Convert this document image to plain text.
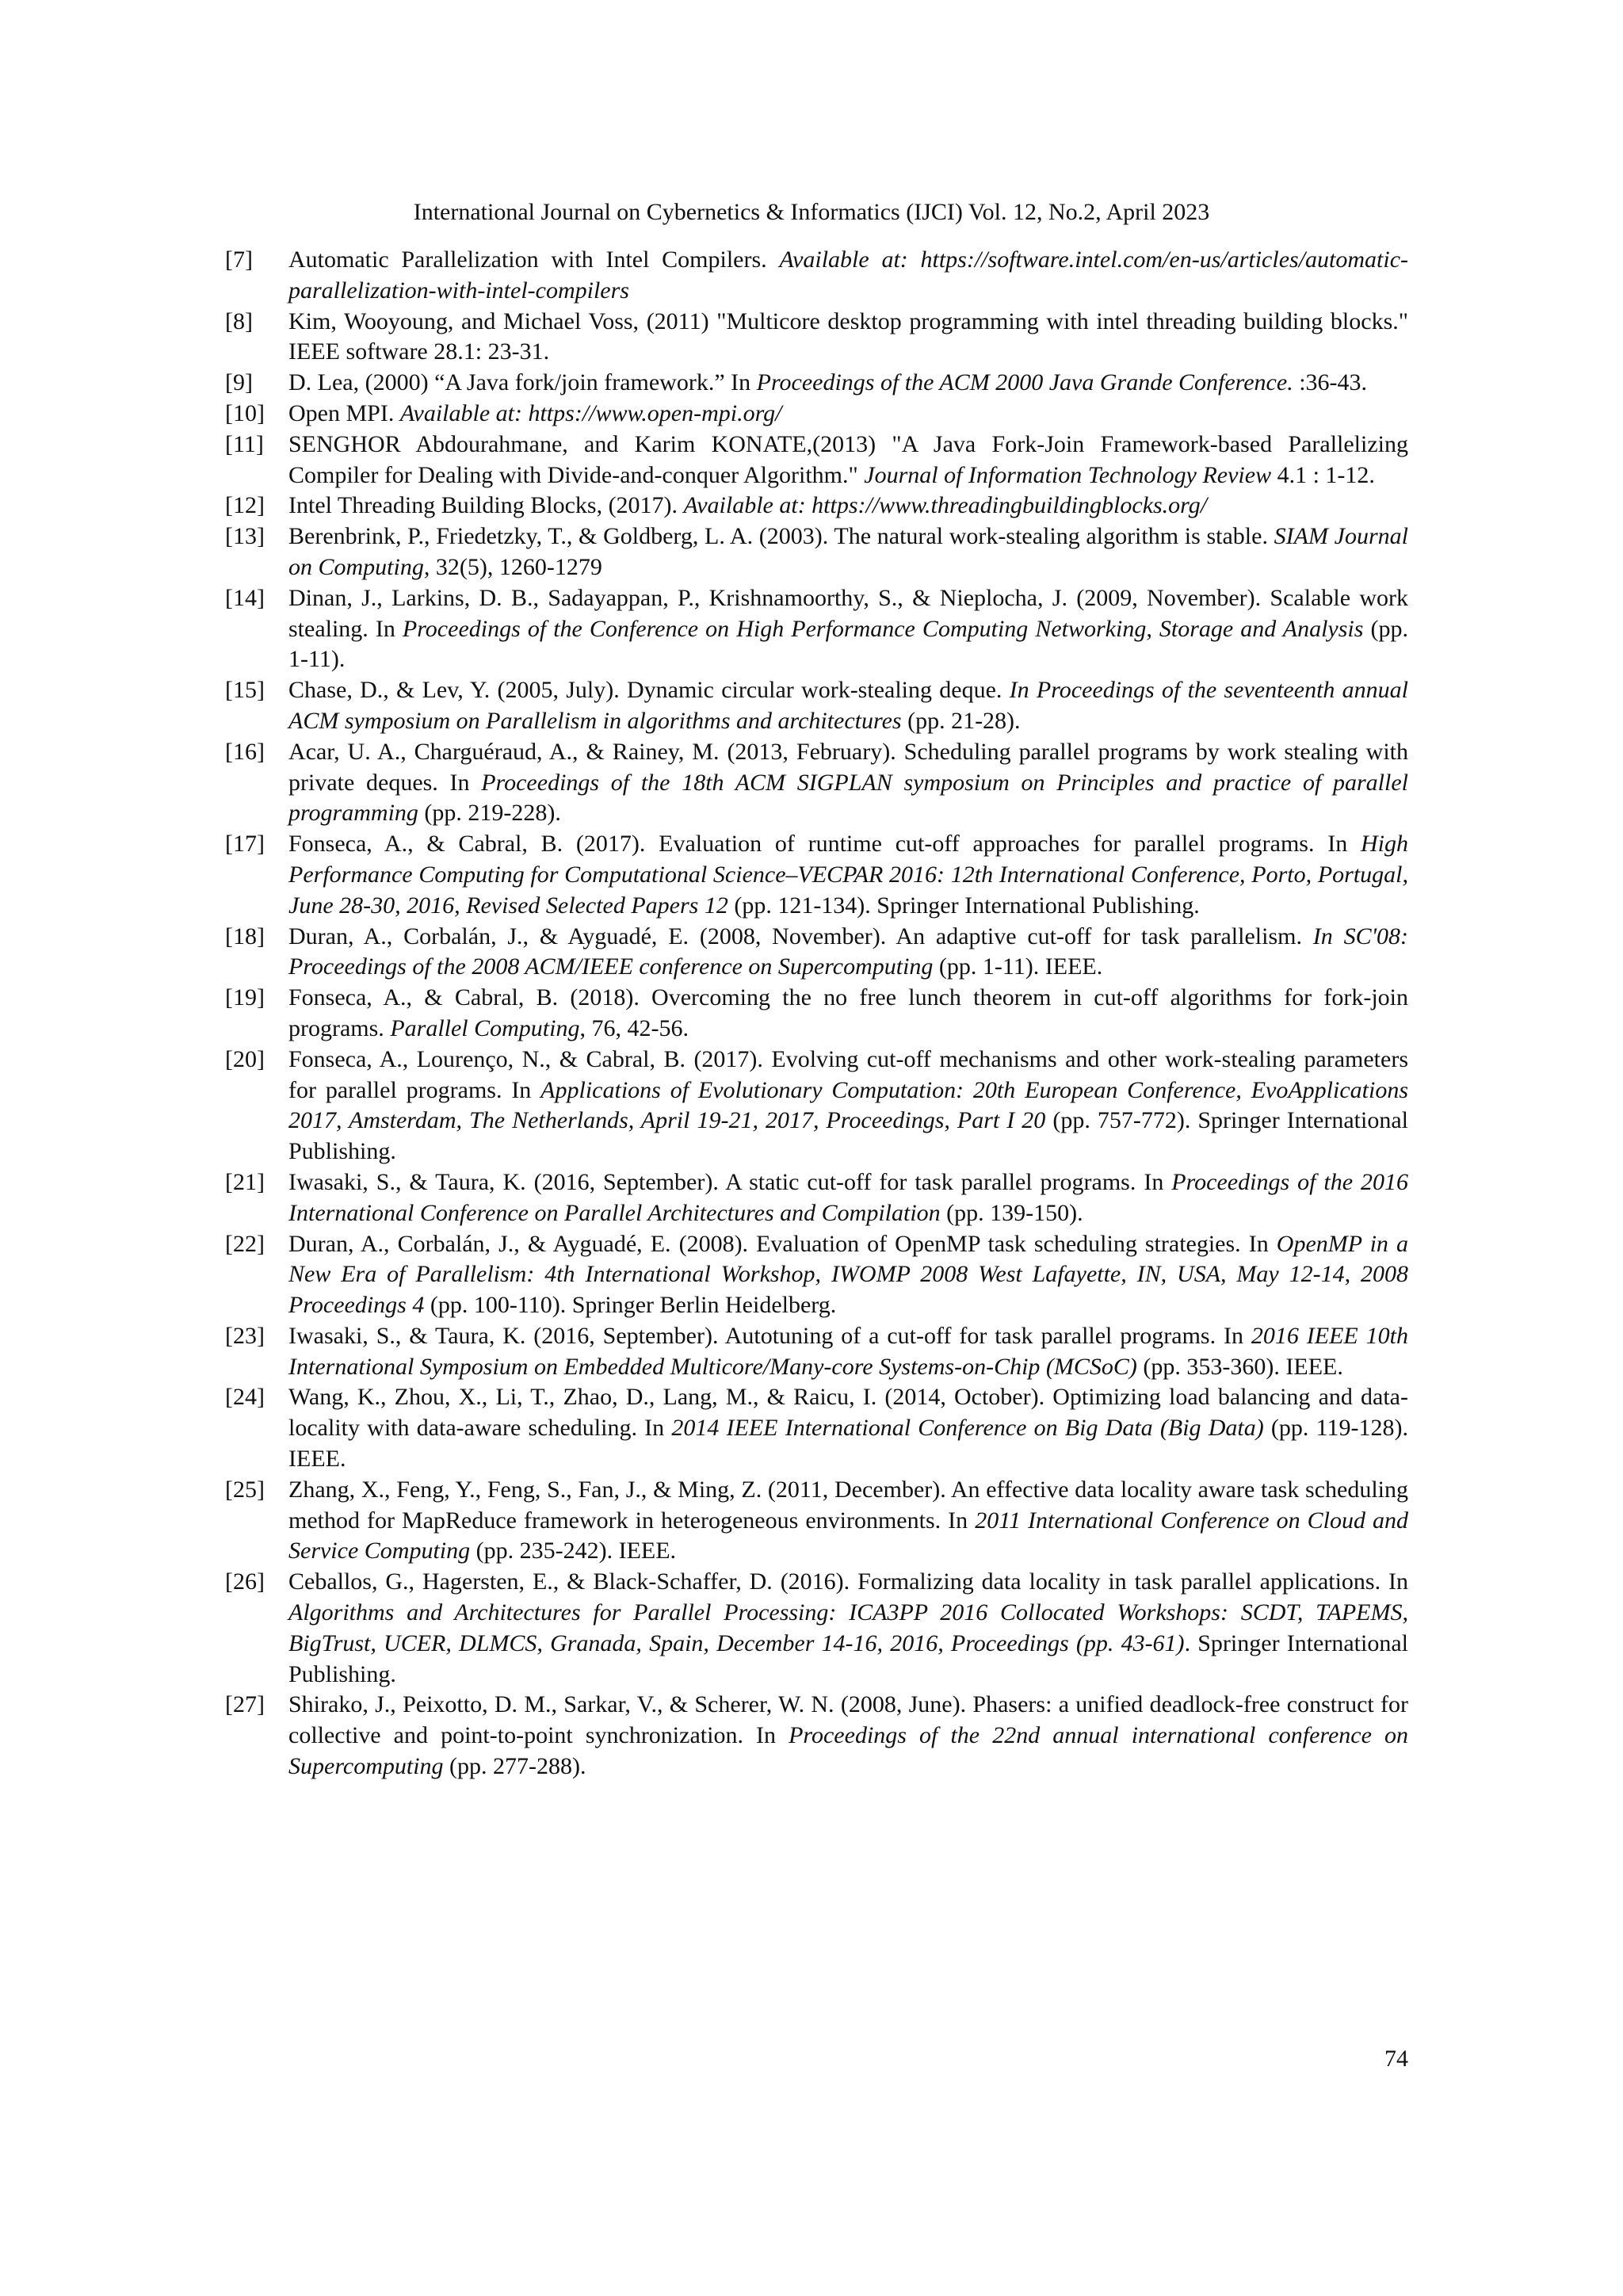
International Journal on Cybernetics & Informatics (IJCI) Vol. 12, No.2, April 2023
[7]	Automatic Parallelization with Intel Compilers. Available at: https://software.intel.com/en-us/articles/automatic-parallelization-with-intel-compilers
[8]	Kim, Wooyoung, and Michael Voss, (2011) "Multicore desktop programming with intel threading building blocks." IEEE software 28.1: 23-31.
[9]	D. Lea, (2000) “A Java fork/join framework.” In Proceedings of the ACM 2000 Java Grande Conference. :36-43.
[10]	Open MPI. Available at: https://www.open-mpi.org/
[11]	SENGHOR Abdourahmane, and Karim KONATE,(2013) "A Java Fork-Join Framework-based Parallelizing Compiler for Dealing with Divide-and-conquer Algorithm." Journal of Information Technology Review 4.1 : 1-12.
[12]	Intel Threading Building Blocks, (2017). Available at: https://www.threadingbuildingblocks.org/
[13]	Berenbrink, P., Friedetzky, T., & Goldberg, L. A. (2003). The natural work-stealing algorithm is stable. SIAM Journal on Computing, 32(5), 1260-1279
[14]	Dinan, J., Larkins, D. B., Sadayappan, P., Krishnamoorthy, S., & Nieplocha, J. (2009, November). Scalable work stealing. In Proceedings of the Conference on High Performance Computing Networking, Storage and Analysis (pp. 1-11).
[15]	Chase, D., & Lev, Y. (2005, July). Dynamic circular work-stealing deque. In Proceedings of the seventeenth annual ACM symposium on Parallelism in algorithms and architectures (pp. 21-28).
[16]	Acar, U. A., Charguéraud, A., & Rainey, M. (2013, February). Scheduling parallel programs by work stealing with private deques. In Proceedings of the 18th ACM SIGPLAN symposium on Principles and practice of parallel programming (pp. 219-228).
[17]	Fonseca, A., & Cabral, B. (2017). Evaluation of runtime cut-off approaches for parallel programs. In High Performance Computing for Computational Science–VECPAR 2016: 12th International Conference, Porto, Portugal, June 28-30, 2016, Revised Selected Papers 12 (pp. 121-134). Springer International Publishing.
[18]	Duran, A., Corbalán, J., & Ayguadé, E. (2008, November). An adaptive cut-off for task parallelism. In SC'08: Proceedings of the 2008 ACM/IEEE conference on Supercomputing (pp. 1-11). IEEE.
[19]	Fonseca, A., & Cabral, B. (2018). Overcoming the no free lunch theorem in cut-off algorithms for fork-join programs. Parallel Computing, 76, 42-56.
[20]	Fonseca, A., Lourenço, N., & Cabral, B. (2017). Evolving cut-off mechanisms and other work-stealing parameters for parallel programs. In Applications of Evolutionary Computation: 20th European Conference, EvoApplications 2017, Amsterdam, The Netherlands, April 19-21, 2017, Proceedings, Part I 20 (pp. 757-772). Springer International Publishing.
[21]	Iwasaki, S., & Taura, K. (2016, September). A static cut-off for task parallel programs. In Proceedings of the 2016 International Conference on Parallel Architectures and Compilation (pp. 139-150).
[22]	Duran, A., Corbalán, J., & Ayguadé, E. (2008). Evaluation of OpenMP task scheduling strategies. In OpenMP in a New Era of Parallelism: 4th International Workshop, IWOMP 2008 West Lafayette, IN, USA, May 12-14, 2008 Proceedings 4 (pp. 100-110). Springer Berlin Heidelberg.
[23]	Iwasaki, S., & Taura, K. (2016, September). Autotuning of a cut-off for task parallel programs. In 2016 IEEE 10th International Symposium on Embedded Multicore/Many-core Systems-on-Chip (MCSoC) (pp. 353-360). IEEE.
[24]	Wang, K., Zhou, X., Li, T., Zhao, D., Lang, M., & Raicu, I. (2014, October). Optimizing load balancing and data-locality with data-aware scheduling. In 2014 IEEE International Conference on Big Data (Big Data) (pp. 119-128). IEEE.
[25]	Zhang, X., Feng, Y., Feng, S., Fan, J., & Ming, Z. (2011, December). An effective data locality aware task scheduling method for MapReduce framework in heterogeneous environments. In 2011 International Conference on Cloud and Service Computing (pp. 235-242). IEEE.
[26]	Ceballos, G., Hagersten, E., & Black-Schaffer, D. (2016). Formalizing data locality in task parallel applications. In Algorithms and Architectures for Parallel Processing: ICA3PP 2016 Collocated Workshops: SCDT, TAPEMS, BigTrust, UCER, DLMCS, Granada, Spain, December 14-16, 2016, Proceedings (pp. 43-61). Springer International Publishing.
[27]	Shirako, J., Peixotto, D. M., Sarkar, V., & Scherer, W. N. (2008, June). Phasers: a unified deadlock-free construct for collective and point-to-point synchronization. In Proceedings of the 22nd annual international conference on Supercomputing (pp. 277-288).
74
